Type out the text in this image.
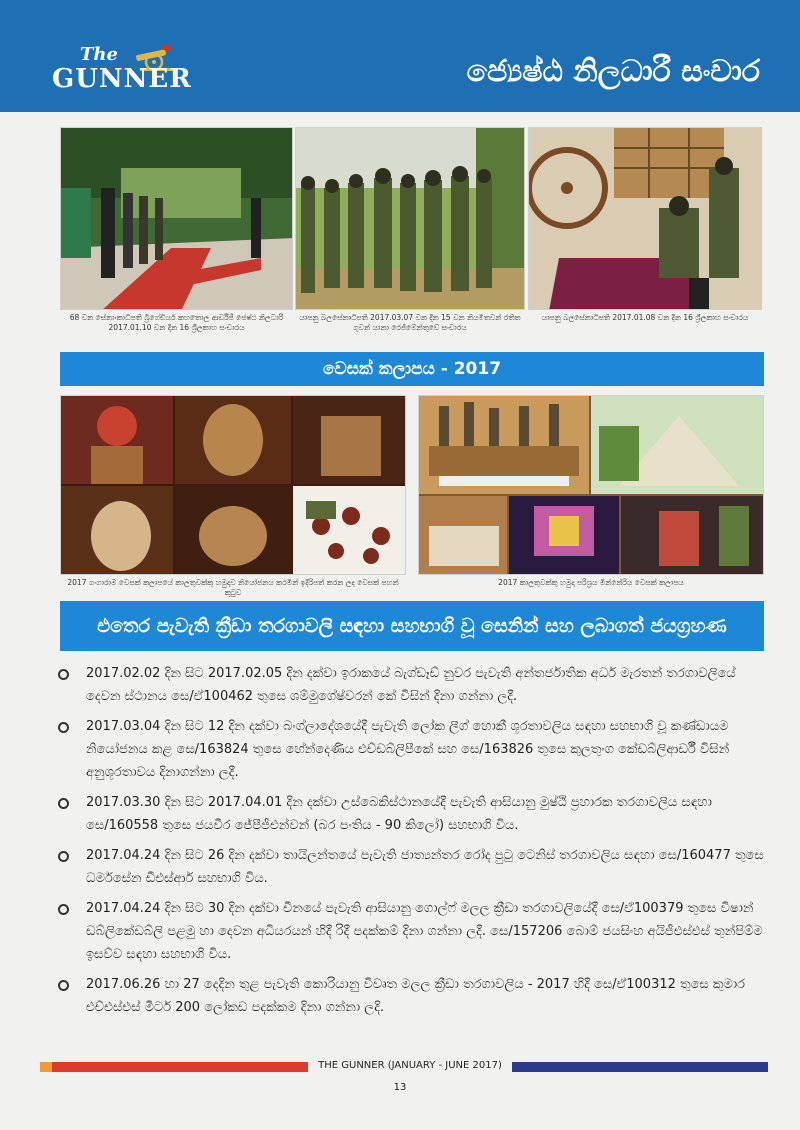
The
GUNNER	ජ්‍යෙෂ්ඨ නිලධාරී සංචාර
68 වන සේනාංකාධිපති බ්‍රිගේඩියර් කහතොල ආර්ඩීජී ජෙෂ්ඨ නිලධාරී 2017.01.10 වන දින 16 ශ්‍රීලකාහ සංචාරය
යාපනු බලසේනාධිපති 2017.03.07 වන දින 15 වන නියමිතවන් රතිත ගුවන් යානා රෙජිමේන්තුවේ සංචාරය
යාපනු බලසේනාධිපති 2017.01.08 වන දින 16 ශ්‍රීලකාහ සංචාරය
වෙසක් කලාපය - 2017
2017 ගංගාරාම වෙසක් කලාපයේ කාලතුවක්කු හමුදාව නියෝජනය කරමින් ඉදිරිපත් කරන ලද වෙසක් පහන් කුටුව
2017 කාලතුවක්කු හමුදා පරිශ්‍රය මින්නේරිය වෙසක් කලාපය
එතෙර පැවැති ක්‍රීඩා තරගාවලි සඳහා සහභාගි වූ සෙනින් සහ ලබාගත් ජයග්‍රහණ
2017.02.02 දින සිට 2017.02.05 දින දක්වා ඉරාකයේ බැග්ඩෑඩ් නුවර පැවැති අන්තර්ජාතික අර්ධ මැරතන් තරගාවලියේ දෙවන ස්ථානය සෙ/ඒ100462 තුසෙ ශම්මුගේෂ්වරන් කේ විසින් දිනා ගන්නා ලදී.
2017.03.04 දින සිට 12 දින දක්වා බංග්ලාදේශයේදී පැවැති ලෝක ලීග් හොකී ශූරතාවලිය සඳහා සහභාගි වූ කණ්ඩායම නියෝජනය කළ සෙ/163824 තුසෙ හේන්දෙණිය එච්ඩබ්ලිපීකේ සහ සෙ/163826 තුසෙ කුලතුංග කේඩබ්ලිආර්ඩී විසින් අනුශූරතාවය දිනාගන්නා ලදී.
2017.03.30 දින සිට 2017.04.01 දින දක්වා උස්බෙකිස්ථානයේදී පැවැති ආසියානු මුෂ්ඨි ප්‍රහාරක තරගාවලිය සඳහා සෙ/160558 තුසෙ ජයවීර ජේපීජීඑන්වන් (බර පංතිය - 90 කිලෝ) සහභාගි විය.
2017.04.24 දින සිට 26 දින දක්වා තායිලන්තයේ පැවැති ජාත්‍යන්තර රෝද පුටු ටෙනිස් තරගාවලිය සඳහා සෙ/160477 තුසෙ ධර්මසේන ඩීඑස්ආර් සහභාගි විය.
2017.04.24 දින සිට 30 දින දක්වා චීනයේ පැවැති ආසියානු ගොල්ෆ් මලල ක්‍රීඩා තරගාවලියේදී සෙ/ඒ100379 තුසෙ විෂාන් ඩබ්ලිකේඩබ්ලි පළමු හා දෙවන අධියරයන් හිදී රිදී පදක්කම් දිනා ගන්නා ලදී. සෙ/157206 බොම් ජයසිංහ අයිජීඑස්එස් තුන්පිම්ම ඉසව්ව සඳහා සහභාගි විය.
2017.06.26 හා 27 දෙදින තුළ පැවැති කොරියානු විවෘත මලල ක්‍රීඩා තරගාවලිය - 2017 හිදී සෙ/ඒ100312 තුසෙ කුමාර එච්එස්එස් මීටර් 200 ලෝකඩ පදක්කම දිනා ගන්නා ලදි.
THE GUNNER (JANUARY - JUNE 2017)
13
